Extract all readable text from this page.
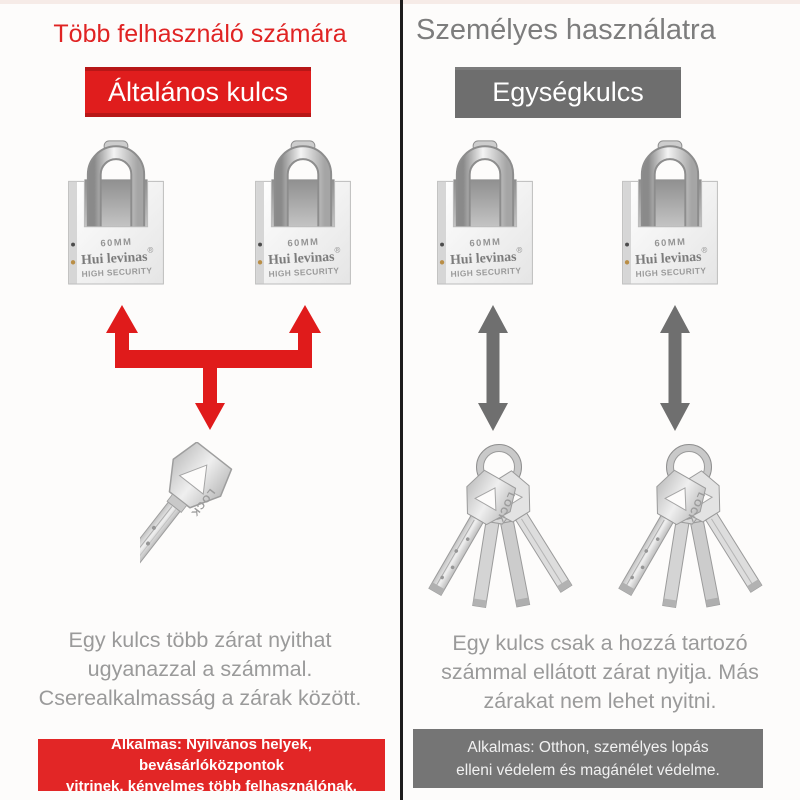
Több felhasználó számára
Általános kulcs
60MM
Hui levinas ®
HIGH SECURITY
60MM
Hui levinas ®
HIGH SECURITY
LOCK
Egy kulcs több zárat nyithat
ugyanazzal a számmal.
Cserealkalmasság a zárak között.
Alkalmas: Nyilvános helyek, bevásárlóközpontok
vitrinek, kényelmes több felhasználónak.
Személyes használatra
Egységkulcs
60MM
Hui levinas ®
HIGH SECURITY
60MM
Hui levinas ®
HIGH SECURITY
LOCK	LOCK
Egy kulcs csak a hozzá tartozó
számmal ellátott zárat nyitja. Más
zárakat nem lehet nyitni.
Alkalmas: Otthon, személyes lopás
elleni védelem és magánélet védelme.
